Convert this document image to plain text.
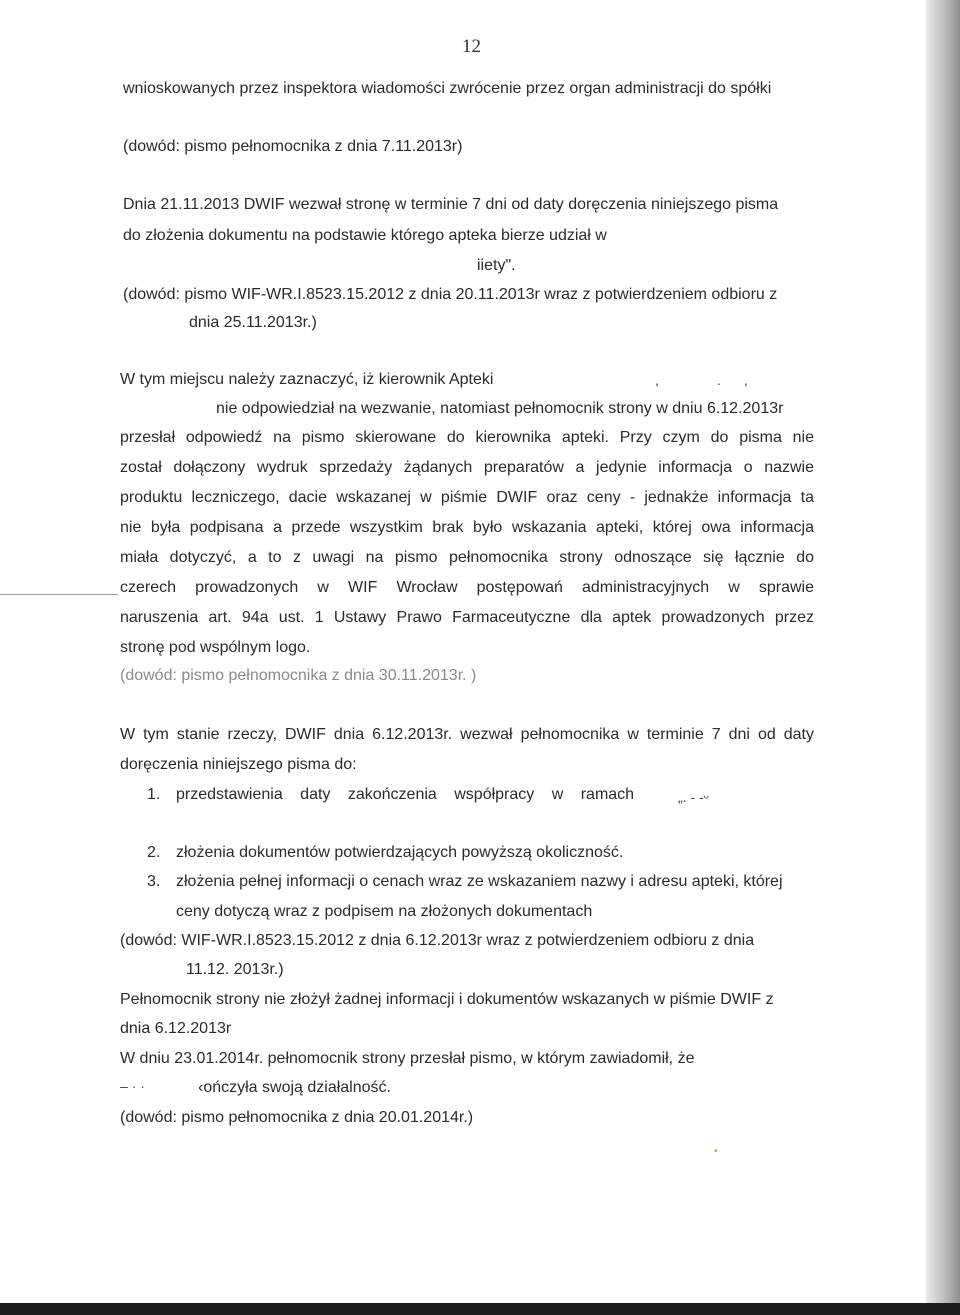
12
wnioskowanych przez inspektora wiadomości zwrócenie przez organ administracji do spółki
(dowód: pismo pełnomocnika z dnia 7.11.2013r)
Dnia 21.11.2013 DWIF wezwał stronę w terminie 7 dni od daty doręczenia niniejszego pisma
do złożenia dokumentu na podstawie którego apteka bierze udział w
iiety".
(dowód: pismo WIF-WR.I.8523.15.2012 z dnia 20.11.2013r wraz z potwierdzeniem odbioru z
dnia 25.11.2013r.)
W tym miejscu należy zaznaczyć, iż kierownik Apteki	,	. ,
nie odpowiedział na wezwanie, natomiast pełnomocnik strony w dniu 6.12.2013r
przesłał odpowiedź na pismo skierowane do kierownika apteki. Przy czym do pisma nie
został dołączony wydruk sprzedaży żądanych preparatów a jedynie informacja o nazwie
produktu leczniczego, dacie wskazanej w piśmie DWIF oraz ceny - jednakże informacja ta
nie była podpisana a przede wszystkim brak było wskazania apteki, której owa informacja
miała dotyczyć, a to z uwagi na pismo pełnomocnika strony odnoszące się łącznie do
czerech prowadzonych w WIF Wrocław postępowań administracyjnych w sprawie
naruszenia art. 94a ust. 1 Ustawy Prawo Farmaceutyczne dla aptek prowadzonych przez
stronę pod wspólnym logo.
(dowód: pismo pełnomocnika z dnia 30.11.2013r. )
W tym stanie rzeczy, DWIF dnia 6.12.2013r. wezwał pełnomocnika w terminie 7 dni od daty
doręczenia niniejszego pisma do:
1. przedstawienia daty zakończenia współpracy w ramach	„. - -ᵕ
2. złożenia dokumentów potwierdzających powyższą okoliczność.
3. złożenia pełnej informacji o cenach wraz ze wskazaniem nazwy i adresu apteki, której
ceny dotyczą wraz z podpisem na złożonych dokumentach
(dowód: WIF-WR.I.8523.15.2012 z dnia 6.12.2013r wraz z potwierdzeniem odbioru z dnia
11.12. 2013r.)
Pełnomocnik strony nie złożył żadnej informacji i dokumentów wskazanych w piśmie DWIF z
dnia 6.12.2013r
W dniu 23.01.2014r. pełnomocnik strony przesłał pismo, w którym zawiadomił, że
‒ · ·	‹ończyła swoją działalność.
(dowód: pismo pełnomocnika z dnia 20.01.2014r.)
•
